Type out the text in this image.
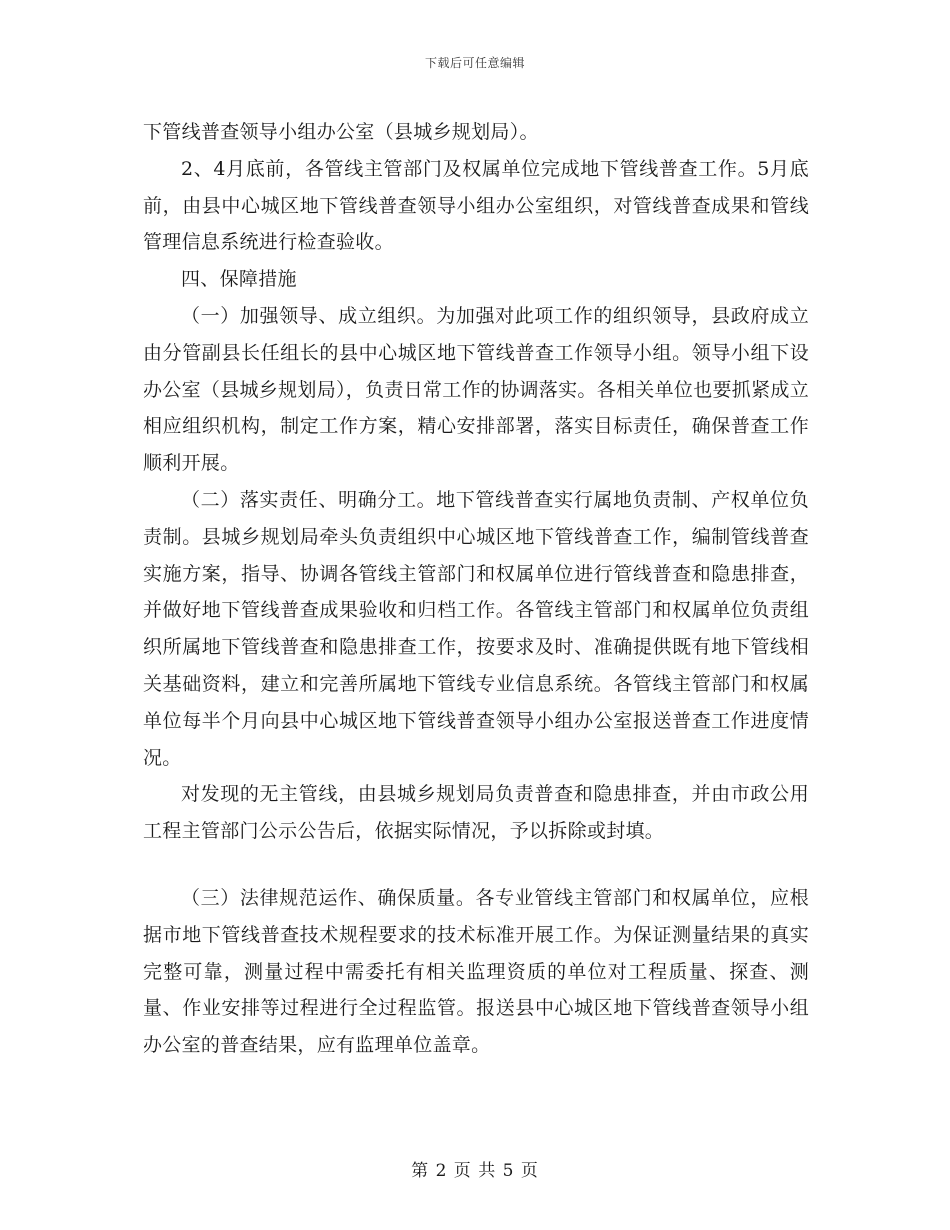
下载后可任意编辑

下管线普查领导小组办公室（县城乡规划局）。

2、4月底前，各管线主管部门及权属单位完成地下管线普查工作。5月底前，由县中心城区地下管线普查领导小组办公室组织，对管线普查成果和管线管理信息系统进行检查验收。

四、保障措施

（一）加强领导、成立组织。为加强对此项工作的组织领导，县政府成立由分管副县长任组长的县中心城区地下管线普查工作领导小组。领导小组下设办公室（县城乡规划局），负责日常工作的协调落实。各相关单位也要抓紧成立相应组织机构，制定工作方案，精心安排部署，落实目标责任，确保普查工作顺利开展。

（二）落实责任、明确分工。地下管线普查实行属地负责制、产权单位负责制。县城乡规划局牵头负责组织中心城区地下管线普查工作，编制管线普查实施方案，指导、协调各管线主管部门和权属单位进行管线普查和隐患排查，并做好地下管线普查成果验收和归档工作。各管线主管部门和权属单位负责组织所属地下管线普查和隐患排查工作，按要求及时、准确提供既有地下管线相关基础资料，建立和完善所属地下管线专业信息系统。各管线主管部门和权属单位每半个月向县中心城区地下管线普查领导小组办公室报送普查工作进度情况。

对发现的无主管线，由县城乡规划局负责普查和隐患排查，并由市政公用工程主管部门公示公告后，依据实际情况，予以拆除或封填。

（三）法律规范运作、确保质量。各专业管线主管部门和权属单位，应根据市地下管线普查技术规程要求的技术标准开展工作。为保证测量结果的真实完整可靠，测量过程中需委托有相关监理资质的单位对工程质量、探查、测量、作业安排等过程进行全过程监管。报送县中心城区地下管线普查领导小组办公室的普查结果，应有监理单位盖章。

第 2 页 共 5 页
